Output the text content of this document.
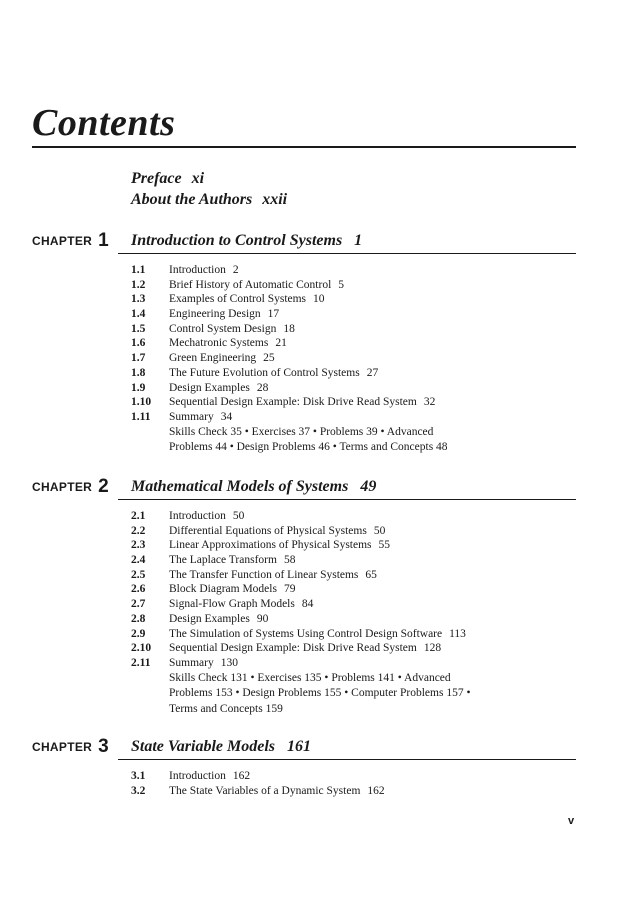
Contents
Preface xi
About the Authors xxii
CHAPTER 1 Introduction to Control Systems 1
1.1 Introduction 2
1.2 Brief History of Automatic Control 5
1.3 Examples of Control Systems 10
1.4 Engineering Design 17
1.5 Control System Design 18
1.6 Mechatronic Systems 21
1.7 Green Engineering 25
1.8 The Future Evolution of Control Systems 27
1.9 Design Examples 28
1.10 Sequential Design Example: Disk Drive Read System 32
1.11 Summary 34
Skills Check 35 • Exercises 37 • Problems 39 • Advanced
Problems 44 • Design Problems 46 • Terms and Concepts 48
CHAPTER 2 Mathematical Models of Systems 49
2.1 Introduction 50
2.2 Differential Equations of Physical Systems 50
2.3 Linear Approximations of Physical Systems 55
2.4 The Laplace Transform 58
2.5 The Transfer Function of Linear Systems 65
2.6 Block Diagram Models 79
2.7 Signal-Flow Graph Models 84
2.8 Design Examples 90
2.9 The Simulation of Systems Using Control Design Software 113
2.10 Sequential Design Example: Disk Drive Read System 128
2.11 Summary 130
Skills Check 131 • Exercises 135 • Problems 141 • Advanced
Problems 153 • Design Problems 155 • Computer Problems 157 •
Terms and Concepts 159
CHAPTER 3 State Variable Models 161
3.1 Introduction 162
3.2 The State Variables of a Dynamic System 162
v
